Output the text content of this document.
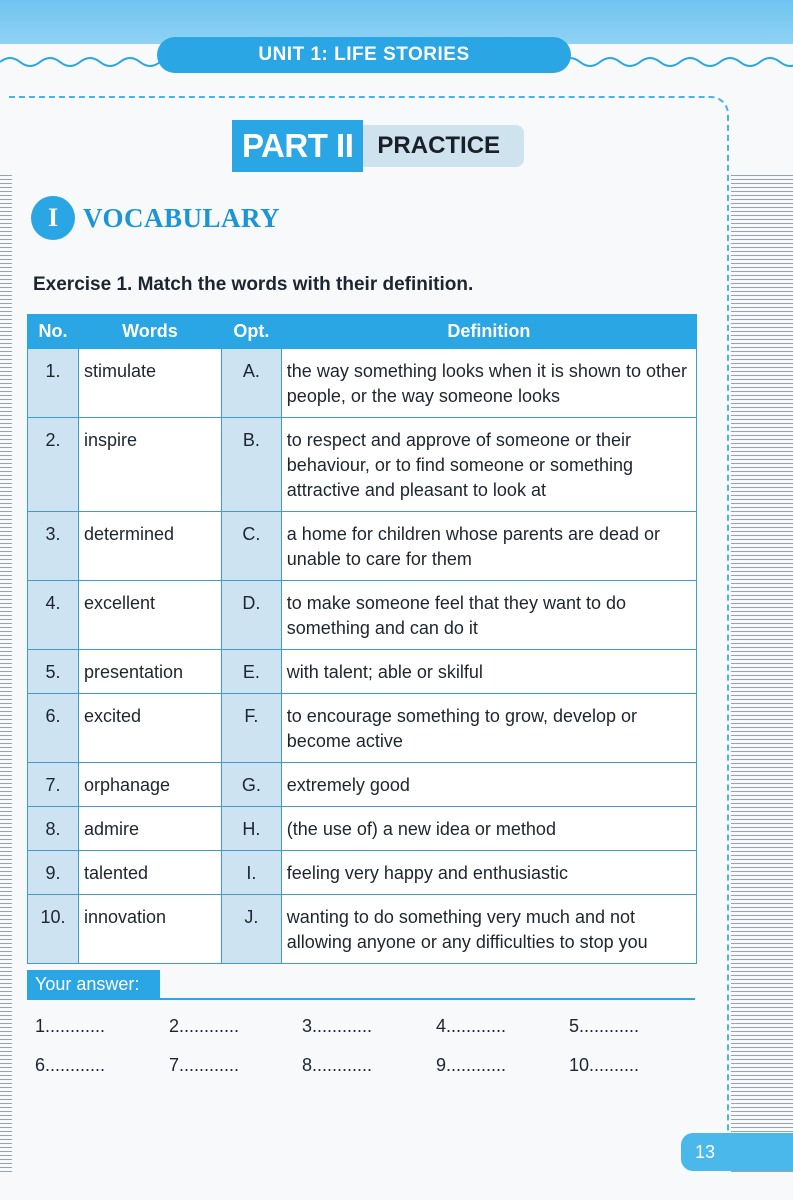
UNIT 1: LIFE STORIES
PART II	PRACTICE
I VOCABULARY
Exercise 1. Match the words with their definition.
No.	Words	Opt.	Definition
1.	stimulate	A.	the way something looks when it is shown to other people, or the way someone looks
2.	inspire	B.	to respect and approve of someone or their behaviour, or to find someone or something attractive and pleasant to look at
3.	determined	C.	a home for children whose parents are dead or unable to care for them
4.	excellent	D.	to make someone feel that they want to do something and can do it
5.	presentation	E.	with talent; able or skilful
6.	excited	F.	to encourage something to grow, develop or become active
7.	orphanage	G.	extremely good
8.	admire	H.	(the use of) a new idea or method
9.	talented	I.	feeling very happy and enthusiastic
10.	innovation	J.	wanting to do something very much and not allowing anyone or any difficulties to stop you
Your answer:
1............	2............	3............	4............	5............
6............	7............	8............	9............	10..........
13
